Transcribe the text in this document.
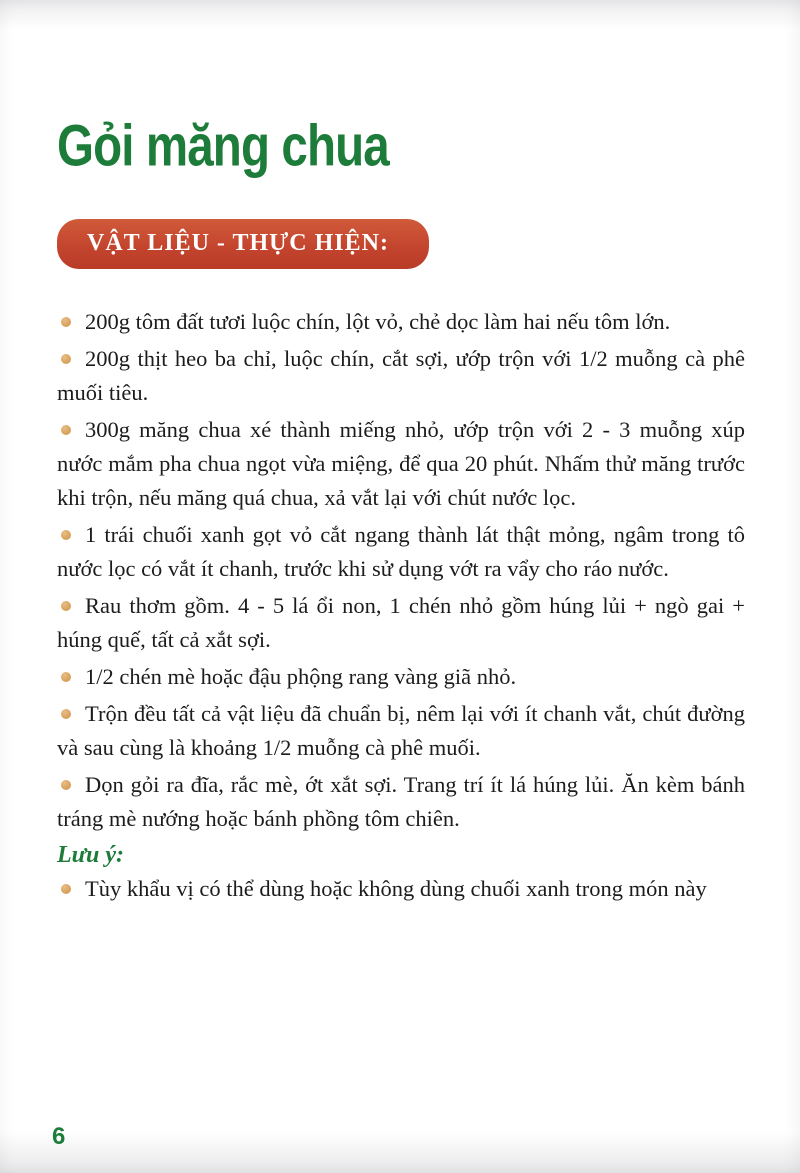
Gỏi măng chua
VẬT LIỆU - THỰC HIỆN:

200g tôm đất tươi luộc chín, lột vỏ, chẻ dọc làm hai nếu tôm lớn.

200g thịt heo ba chỉ, luộc chín, cắt sợi, ướp trộn với 1/2 muỗng cà phê muối tiêu.

300g măng chua xé thành miếng nhỏ, ướp trộn với 2 - 3 muỗng xúp nước mắm pha chua ngọt vừa miệng, để qua 20 phút. Nhấm thử măng trước khi trộn, nếu măng quá chua, xả vắt lại với chút nước lọc.

1 trái chuối xanh gọt vỏ cắt ngang thành lát thật mỏng, ngâm trong tô nước lọc có vắt ít chanh, trước khi sử dụng vớt ra vẩy cho ráo nước.

Rau thơm gồm. 4 - 5 lá ổi non, 1 chén nhỏ gồm húng lủi + ngò gai + húng quế, tất cả xắt sợi.

1/2 chén mè hoặc đậu phộng rang vàng giã nhỏ.

Trộn đều tất cả vật liệu đã chuẩn bị, nêm lại với ít chanh vắt, chút đường và sau cùng là khoảng 1/2 muỗng cà phê muối.

Dọn gỏi ra đĩa, rắc mè, ớt xắt sợi. Trang trí ít lá húng lủi. Ăn kèm bánh tráng mè nướng hoặc bánh phồng tôm chiên.

Lưu ý:

Tùy khẩu vị có thể dùng hoặc không dùng chuối xanh trong món này

6
